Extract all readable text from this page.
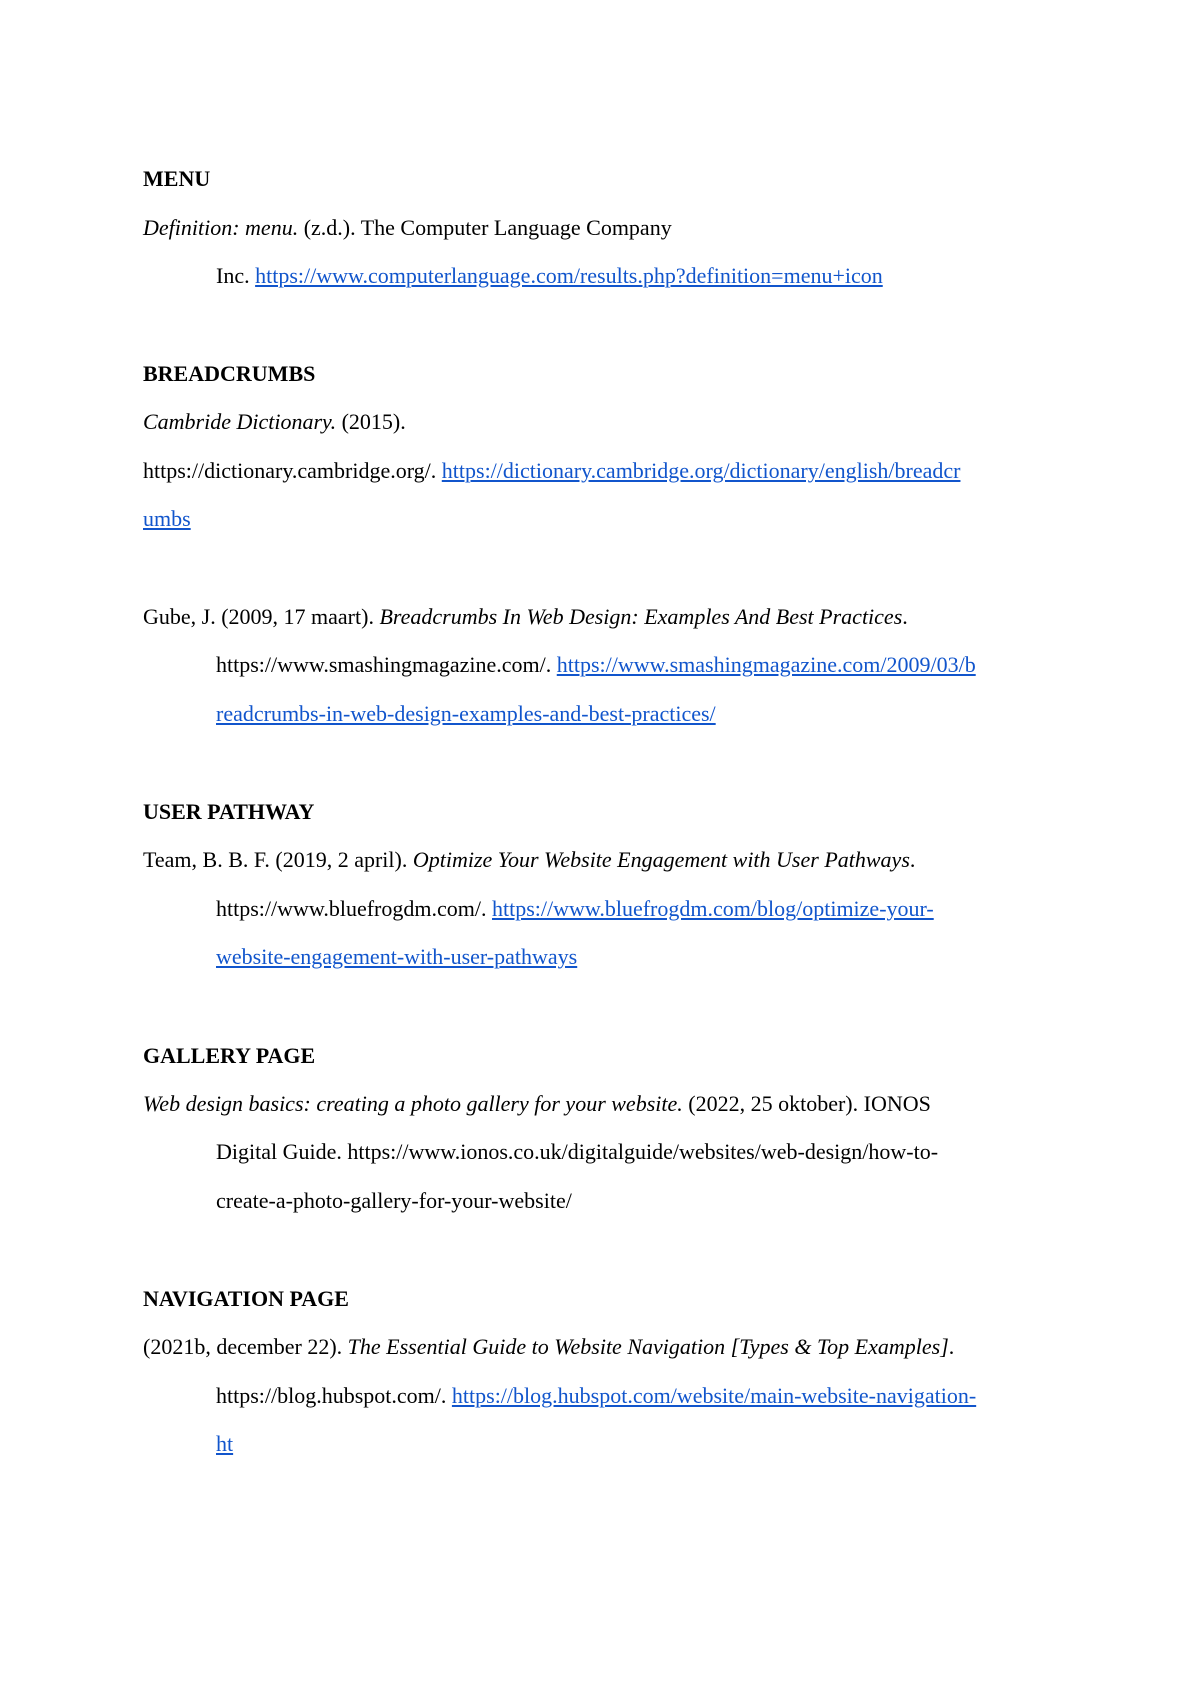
MENU
Definition: menu. (z.d.). The Computer Language Company
Inc. https://www.computerlanguage.com/results.php?definition=menu+icon
BREADCRUMBS
Cambride Dictionary. (2015).
https://dictionary.cambridge.org/. https://dictionary.cambridge.org/dictionary/english/breadcr
umbs
Gube, J. (2009, 17 maart). Breadcrumbs In Web Design: Examples And Best Practices.
https://www.smashingmagazine.com/. https://www.smashingmagazine.com/2009/03/b
readcrumbs-in-web-design-examples-and-best-practices/
USER PATHWAY
Team, B. B. F. (2019, 2 april). Optimize Your Website Engagement with User Pathways.
https://www.bluefrogdm.com/. https://www.bluefrogdm.com/blog/optimize-your-
website-engagement-with-user-pathways
GALLERY PAGE
Web design basics: creating a photo gallery for your website. (2022, 25 oktober). IONOS
Digital Guide. https://www.ionos.co.uk/digitalguide/websites/web-design/how-to-
create-a-photo-gallery-for-your-website/
NAVIGATION PAGE
(2021b, december 22). The Essential Guide to Website Navigation [Types & Top Examples].
https://blog.hubspot.com/. https://blog.hubspot.com/website/main-website-navigation-
ht
